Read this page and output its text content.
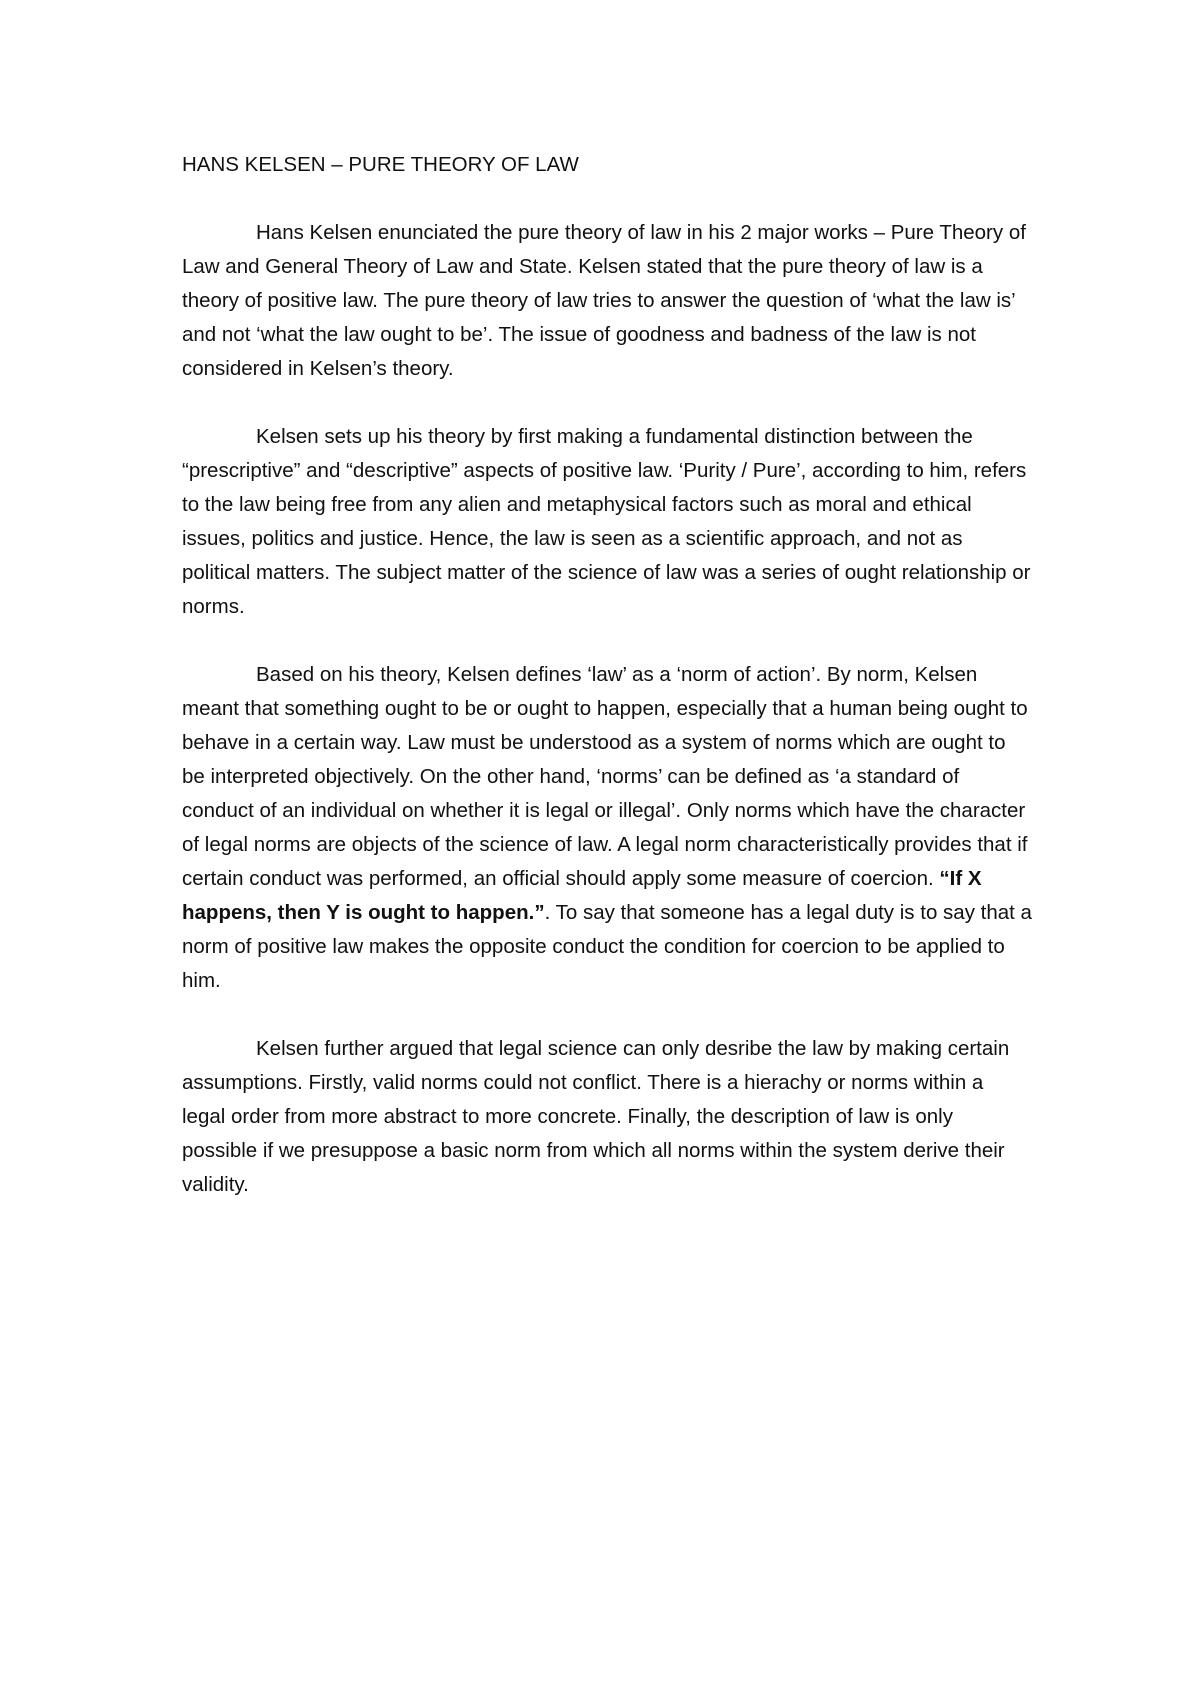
HANS KELSEN – PURE THEORY OF LAW

Hans Kelsen enunciated the pure theory of law in his 2 major works – Pure Theory of Law and General Theory of Law and State. Kelsen stated that the pure theory of law is a theory of positive law. The pure theory of law tries to answer the question of ‘what the law is’ and not ‘what the law ought to be’. The issue of goodness and badness of the law is not considered in Kelsen’s theory.

Kelsen sets up his theory by first making a fundamental distinction between the “prescriptive” and “descriptive” aspects of positive law. ‘Purity / Pure’, according to him, refers to the law being free from any alien and metaphysical factors such as moral and ethical issues, politics and justice. Hence, the law is seen as a scientific approach, and not as political matters. The subject matter of the science of law was a series of ought relationship or norms.

Based on his theory, Kelsen defines ‘law’ as a ‘norm of action’. By norm, Kelsen meant that something ought to be or ought to happen, especially that a human being ought to behave in a certain way. Law must be understood as a system of norms which are ought to be interpreted objectively. On the other hand, ‘norms’ can be defined as ‘a standard of conduct of an individual on whether it is legal or illegal’. Only norms which have the character of legal norms are objects of the science of law. A legal norm characteristically provides that if certain conduct was performed, an official should apply some measure of coercion. “If X happens, then Y is ought to happen.”. To say that someone has a legal duty is to say that a norm of positive law makes the opposite conduct the condition for coercion to be applied to him.

Kelsen further argued that legal science can only desribe the law by making certain assumptions. Firstly, valid norms could not conflict. There is a hierachy or norms within a legal order from more abstract to more concrete. Finally, the description of law is only possible if we presuppose a basic norm from which all norms within the system derive their validity.
